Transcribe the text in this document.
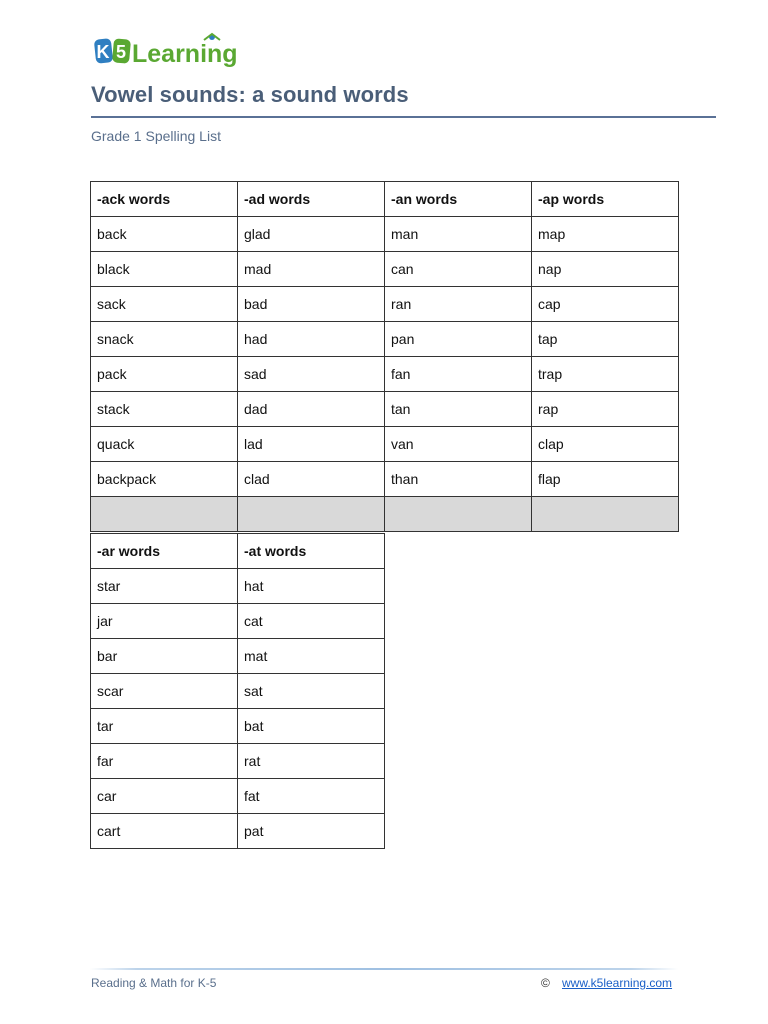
K 5 Learning
Vowel sounds: a sound words
Grade 1 Spelling List
-ack words	-ad words	-an words	-ap words
back	glad	man	map
black	mad	can	nap
sack	bad	ran	cap
snack	had	pan	tap
pack	sad	fan	trap
stack	dad	tan	rap
quack	lad	van	clap
backpack	clad	than	flap

-ar words	-at words
star	hat
jar	cat
bar	mat
scar	sat
tar	bat
far	rat
car	fat
cart	pat
Reading & Math for K-5	© www.k5learning.com
